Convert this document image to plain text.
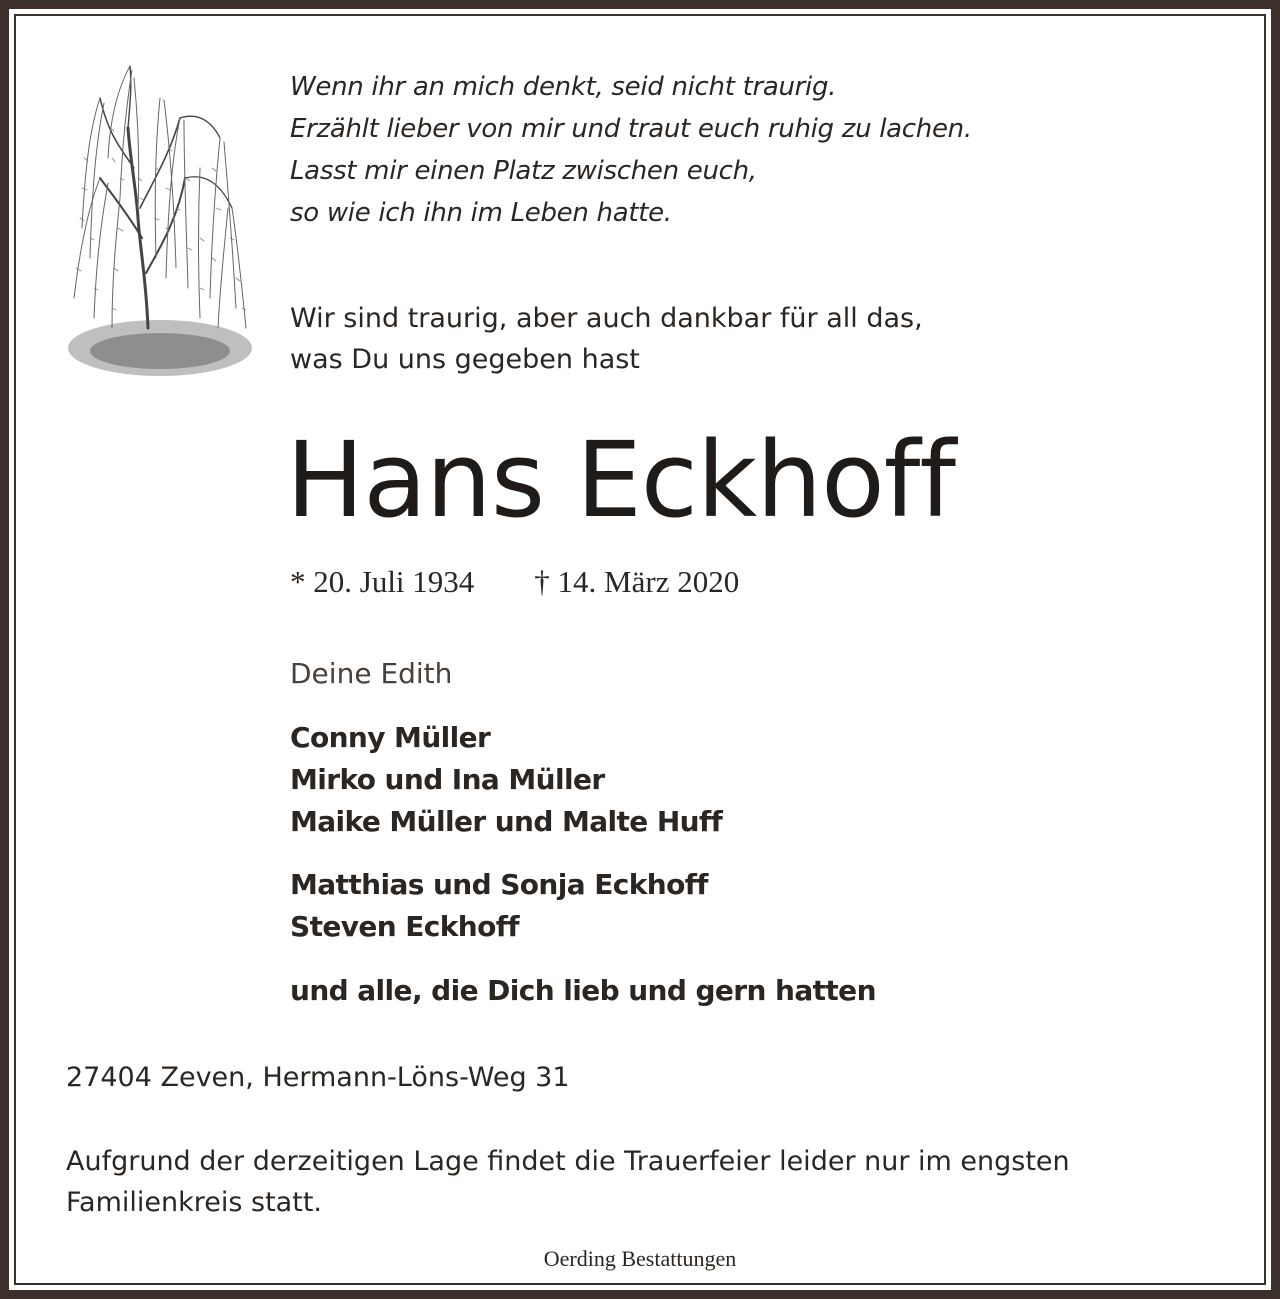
Wenn ihr an mich denkt, seid nicht traurig.
Erzählt lieber von mir und traut euch ruhig zu lachen.
Lasst mir einen Platz zwischen euch,
so wie ich ihn im Leben hatte.
Wir sind traurig, aber auch dankbar für all das,
was Du uns gegeben hast
Hans Eckhoff
* 20. Juli 1934 † 14. März 2020
Deine Edith
Conny Müller
Mirko und Ina Müller
Maike Müller und Malte Huff
Matthias und Sonja Eckhoff
Steven Eckhoff
und alle, die Dich lieb und gern hatten
27404 Zeven, Hermann-Löns-Weg 31
Aufgrund der derzeitigen Lage findet die Trauerfeier leider nur im engsten
Familienkreis statt.
Oerding Bestattungen
